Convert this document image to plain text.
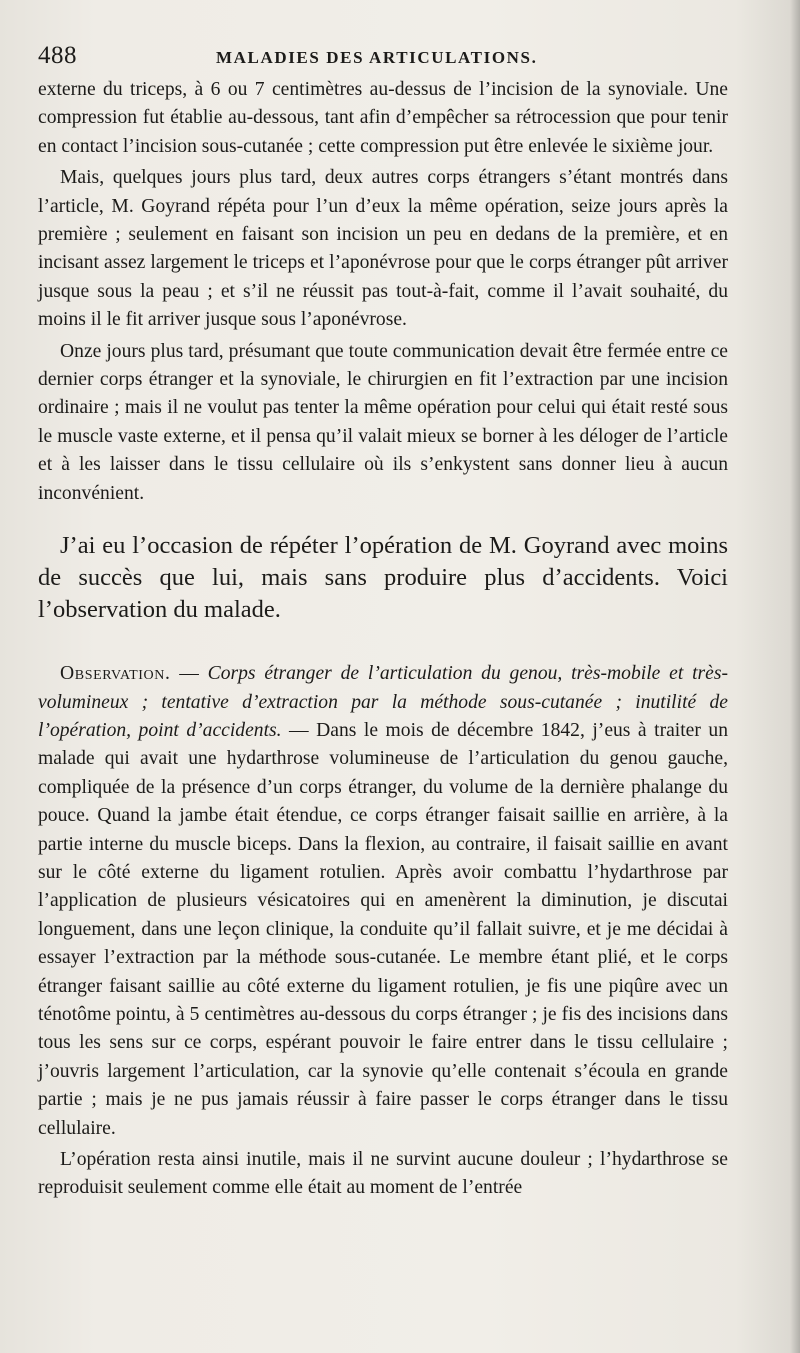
488	MALADIES DES ARTICULATIONS.

externe du triceps, à 6 ou 7 centimètres au-dessus de l’incision de la synoviale. Une compression fut établie au-dessous, tant afin d’empêcher sa rétrocession que pour tenir en contact l’incision sous-cutanée ; cette compression put être enlevée le sixième jour.

Mais, quelques jours plus tard, deux autres corps étrangers s’étant montrés dans l’article, M. Goyrand répéta pour l’un d’eux la même opération, seize jours après la première ; seulement en faisant son incision un peu en dedans de la première, et en incisant assez largement le triceps et l’aponévrose pour que le corps étranger pût arriver jusque sous la peau ; et s’il ne réussit pas tout-à-fait, comme il l’avait souhaité, du moins il le fit arriver jusque sous l’aponévrose.

Onze jours plus tard, présumant que toute communication devait être fermée entre ce dernier corps étranger et la synoviale, le chirurgien en fit l’extraction par une incision ordinaire ; mais il ne voulut pas tenter la même opération pour celui qui était resté sous le muscle vaste externe, et il pensa qu’il valait mieux se borner à les déloger de l’article et à les laisser dans le tissu cellulaire où ils s’enkystent sans donner lieu à aucun inconvénient.

J’ai eu l’occasion de répéter l’opération de M. Goyrand avec moins de succès que lui, mais sans produire plus d’accidents. Voici l’observation du malade.

Observation. — Corps étranger de l’articulation du genou, très-mobile et très-volumineux ; tentative d’extraction par la méthode sous-cutanée ; inutilité de l’opération, point d’accidents. — Dans le mois de décembre 1842, j’eus à traiter un malade qui avait une hydarthrose volumineuse de l’articulation du genou gauche, compliquée de la présence d’un corps étranger, du volume de la dernière phalange du pouce. Quand la jambe était étendue, ce corps étranger faisait saillie en arrière, à la partie interne du muscle biceps. Dans la flexion, au contraire, il faisait saillie en avant sur le côté externe du ligament rotulien. Après avoir combattu l’hydarthrose par l’application de plusieurs vésicatoires qui en amenèrent la diminution, je discutai longuement, dans une leçon clinique, la conduite qu’il fallait suivre, et je me décidai à essayer l’extraction par la méthode sous-cutanée. Le membre étant plié, et le corps étranger faisant saillie au côté externe du ligament rotulien, je fis une piqûre avec un ténotôme pointu, à 5 centimètres au-dessous du corps étranger ; je fis des incisions dans tous les sens sur ce corps, espérant pouvoir le faire entrer dans le tissu cellulaire ; j’ouvris largement l’articulation, car la synovie qu’elle contenait s’écoula en grande partie ; mais je ne pus jamais réussir à faire passer le corps étranger dans le tissu cellulaire.

L’opération resta ainsi inutile, mais il ne survint aucune douleur ; l’hydarthrose se reproduisit seulement comme elle était au moment de l’entrée
